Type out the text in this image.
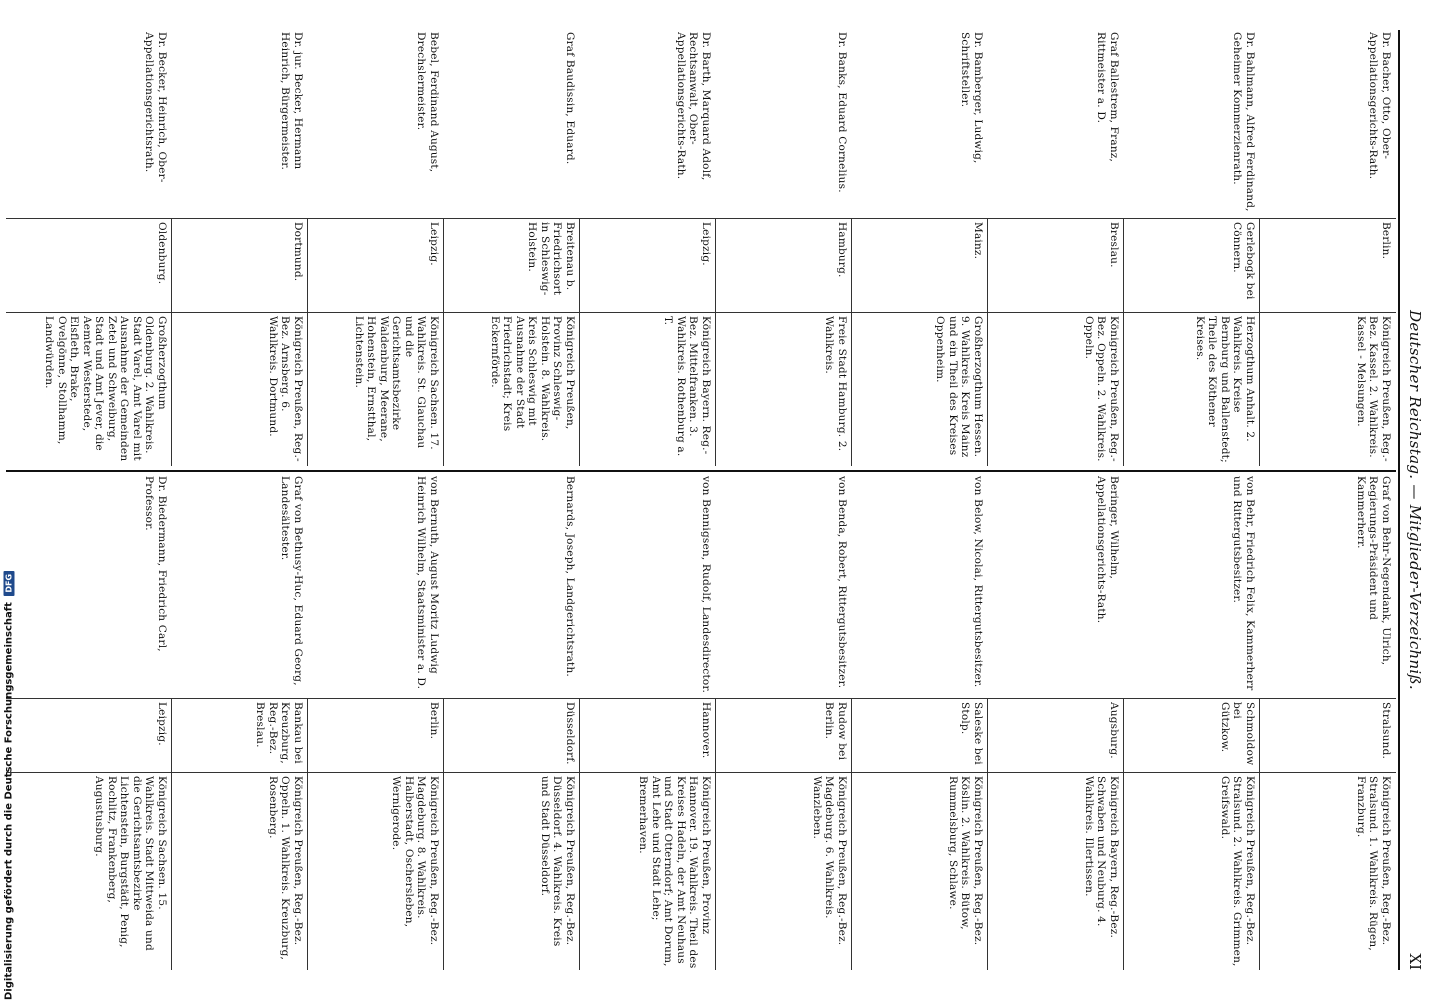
Deutscher Reichstag. — Mitglieder-Verzeichniß.
XI
Dr. Bacher, Otto, Ober-Appellationsgerichts-Rath.
Berlin.
Königreich Preußen, Reg.-Bez. Kassel. 2. Wahlkreis. Kassel - Melsungen.
Dr. Bahlmann, Alfred Ferdinand, Geheimer Kommerzienrath.
Gerlebogk bei Cönnern.
Herzogthum Anhalt. 2. Wahlkreis. Kreise Bernburg und Ballenstedt; Theile des Köthener Kreises.
Graf Ballestrem, Franz, Rittmeister a. D.
Breslau.
Königreich Preußen, Reg.-Bez. Oppeln. 2. Wahlkreis. Oppeln.
Dr. Bamberger, Ludwig, Schriftsteller.
Mainz.
Großherzogthum Hessen. 9. Wahlkreis. Kreis Mainz und ein Theil des Kreises Oppenheim.
Dr. Banks, Eduard Cornelius.
Hamburg.
Freie Stadt Hamburg. 2. Wahlkreis.
Dr. Barth, Marquard Adolf, Rechtsanwalt, Ober-Appellationsgerichts-Rath.
Leipzig.
Königreich Bayern. Reg.-Bez. Mittelfranken. 3. Wahlkreis. Rothenburg a. T.
Graf Baudissin, Eduard.
Breitenau b. Friedrichsort in Schleswig-Holstein.
Königreich Preußen, Provinz Schleswig-Holstein. 8. Wahlkreis. Kreis Schleswig mit Ausnahme der Stadt Friedrichstadt; Kreis Eckernförde.
Bebel, Ferdinand August, Drechslermeister.
Leipzig.
Königreich Sachsen. 17. Wahlkreis. St. Glauchau und die Gerichtsamtsbezirke Waldenburg, Meerane, Hohenstein, Ernstthal, Lichtenstein.
Dr. jur. Becker, Hermann Heinrich, Bürgermeister.
Dortmund.
Königreich Preußen, Reg.-Bez. Arnsberg. 6. Wahlkreis. Dortmund.
Dr. Becker, Heinrich, Ober-Appellationsgerichtsrath.
Oldenburg.
Großherzogthum Oldenburg. 2. Wahlkreis. Stadt Varel, Amt Varel mit Ausnahme der Gemeinden Zetel und Schweiburg, Stadt und Amt Jever, die Aemter Westerstede, Elsfleth, Brake, Ovelgönne, Stollhamm, Landwürden.
Graf von Behr-Negendank, Ulrich, Regierungs-Präsident und Kammerherr.
Stralsund.
Königreich Preußen, Reg.-Bez. Stralsund. 1. Wahlkreis. Rügen, Franzburg.
von Behr, Friedrich Felix, Kammerherr und Rittergutsbesitzer.
Schmoldow bei Gützkow.
Königreich Preußen, Reg.-Bez. Stralsund. 2. Wahlkreis. Grimmen, Greifswald.
Beringer, Wilhelm, Appellationsgerichts-Rath.
Augsburg.
Königreich Bayern, Reg.-Bez. Schwaben und Neuburg. 4. Wahlkreis. Illertissen.
von Below, Nicolai, Rittergutsbesitzer.
Saleske bei Stolp.
Königreich Preußen, Reg.-Bez. Köslin. 2. Wahlkreis. Bütow, Rummelsburg, Schlawe.
von Benda, Robert, Rittergutsbesitzer.
Rudow bei Berlin.
Königreich Preußen, Reg.-Bez. Magdeburg. 6. Wahlkreis. Wanzleben.
von Bennigsen, Rudolf, Landesdirector.
Hannover.
Königreich Preußen, Provinz Hannover. 19. Wahlkreis. Theil des Kreises Hadeln, der Amt Neuhaus und Stadt Otterndorf; Amt Dorum, Amt Lehe und Stadt Lehe; Bremerhaven.
Bernards, Joseph, Landgerichtsrath.
Düsseldorf.
Königreich Preußen, Reg.-Bez. Düsseldorf. 4. Wahlkreis. Kreis und Stadt Düsseldorf.
von Bernuth, August Moritz Ludwig Heinrich Wilhelm, Staatsminister a. D.
Berlin.
Königreich Preußen, Reg.-Bez. Magdeburg. 8. Wahlkreis. Halberstadt, Oschersleben, Wernigerode.
Graf von Bethusy-Huc, Eduard Georg, Landesältester.
Bankau bei Kreuzburg, Reg.-Bez. Breslau.
Königreich Preußen, Reg.-Bez. Oppeln. 1. Wahlkreis. Kreuzburg, Rosenberg.
Dr. Biedermann, Friedrich Carl, Professor.
Leipzig.
Königreich Sachsen. 15. Wahlkreis. Stadt Mittweida und die Gerichtsamtsbezirke Lichtenstein, Burgstädt, Penig, Rochlitz, Frankenberg, Augustusburg.
Digitalisierung gefördert durch die Deutsche Forschungsgemeinschaft DFG
